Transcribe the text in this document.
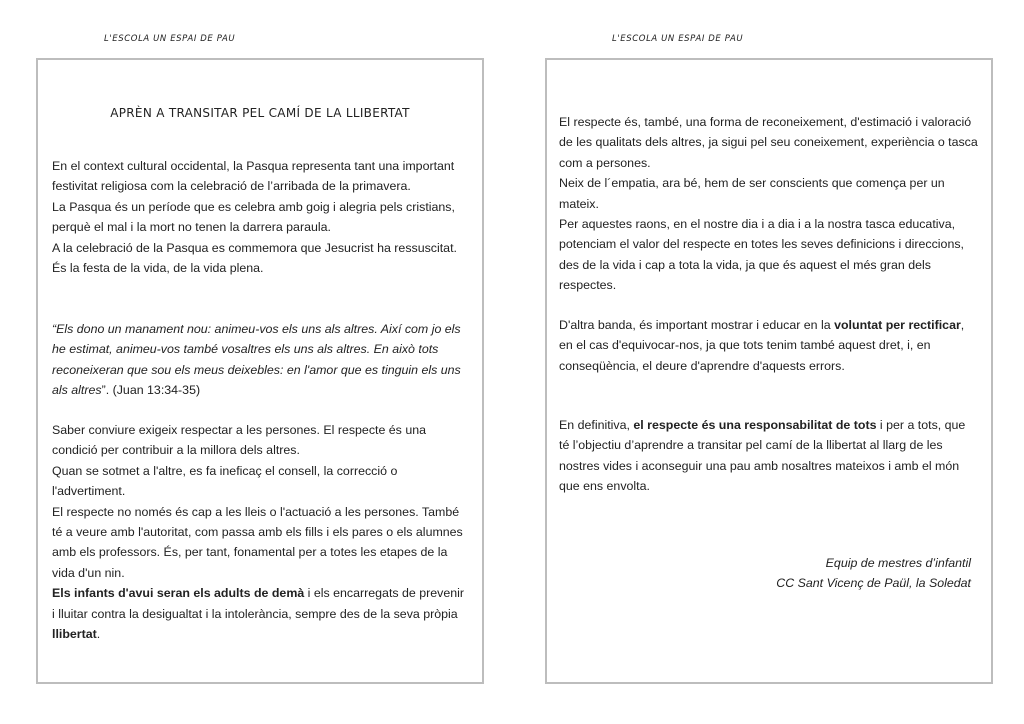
L'ESCOLA UN ESPAI DE PAU	L'ESCOLA UN ESPAI DE PAU
APRÈN A TRANSITAR PEL CAMÍ DE LA LLIBERTAT

En el context cultural occidental, la Pasqua representa tant una important festivitat religiosa com la celebració de l’arribada de la primavera.

La Pasqua és un període que es celebra amb goig i alegria pels cristians, perquè el mal i la mort no tenen la darrera paraula.

A la celebració de la Pasqua es commemora que Jesucrist ha ressuscitat. És la festa de la vida, de la vida plena.

“Els dono un manament nou: animeu-vos els uns als altres. Així com jo els he estimat, animeu-vos també vosaltres els uns als altres. En això tots reconeixeran que sou els meus deixebles: en l'amor que es tinguin els uns als altres”. (Juan 13:34-35)

Saber conviure exigeix respectar a les persones. El respecte és una condició per contribuir a la millora dels altres.

Quan se sotmet a l'altre, es fa ineficaç el consell, la correcció o l'advertiment.

El respecte no només és cap a les lleis o l'actuació a les persones. També té a veure amb l'autoritat, com passa amb els fills i els pares o els alumnes amb els professors. És, per tant, fonamental per a totes les etapes de la vida d'un nin.

Els infants d'avui seran els adults de demà i els encarregats de prevenir i lluitar contra la desigualtat i la intolerància, sempre des de la seva pròpia llibertat.

El respecte és, també, una forma de reconeixement, d'estimació i valoració de les qualitats dels altres, ja sigui pel seu coneixement, experiència o tasca com a persones.

Neix de l´empatia, ara bé, hem de ser conscients que comença per un mateix.

Per aquestes raons, en el nostre dia i a dia i a la nostra tasca educativa, potenciam el valor del respecte en totes les seves definicions i direccions, des de la vida i cap a tota la vida, ja que és aquest el més gran dels respectes.

D'altra banda, és important mostrar i educar en la voluntat per rectificar, en el cas d'equivocar-nos, ja que tots tenim també aquest dret, i, en conseqüència, el deure d'aprendre d'aquests errors.

En definitiva, el respecte és una responsabilitat de tots i per a tots, que té l’objectiu d’aprendre a transitar pel camí de la llibertat al llarg de les nostres vides i aconseguir una pau amb nosaltres mateixos i amb el món que ens envolta.

Equip de mestres d’infantil
CC Sant Vicenç de Paül, la Soledat
